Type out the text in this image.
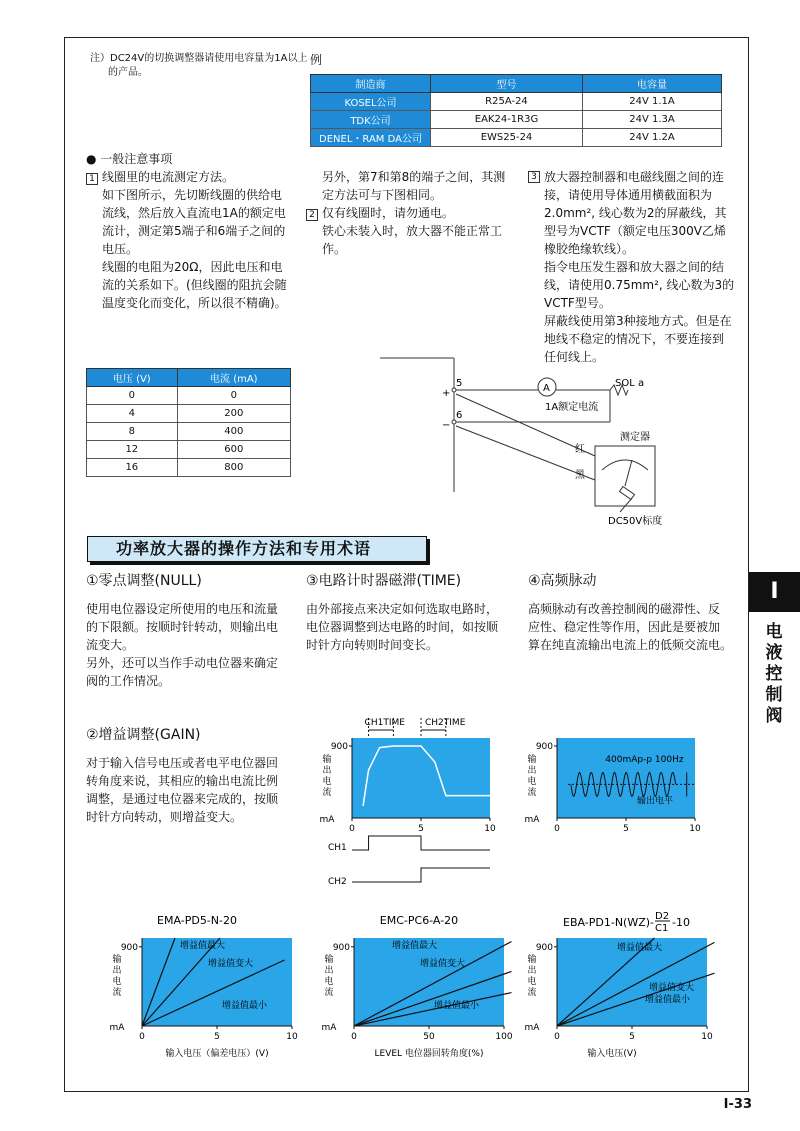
注）DC24V的切换调整器请使用电容量为1A以上
的产品。
例
制造商	型号	电容量
KOSEL公司	R25A-24	24V 1.1A
TDK公司	EAK24-1R3G	24V 1.3A
DENEL・RAM DA公司	EWS25-24	24V 1.2A
● 一般注意事项
1 线圈里的电流测定方法。
如下图所示，先切断线圈的供给电
流线，然后放入直流电1A的额定电
流计，测定第5端子和6端子之间的
电压。
线圈的电阻为20Ω，因此电压和电
流的关系如下。(但线圈的阻抗会随
温度变化而变化，所以很不精确)。
另外，第7和第8的端子之间，其测
定方法可与下图相同。
2 仅有线圈时，请勿通电。
铁心未装入时，放大器不能正常工
作。
3 放大器控制器和电磁线圈之间的连
接，请使用导体通用横截面积为
2.0mm², 线心数为2的屏蔽线，其
型号为VCTF（额定电压300V乙烯
橡胶绝缘软线）。
指令电压发生器和放大器之间的结
线，请使用0.75mm², 线心数为3的
VCTF型号。
屏蔽线使用第3种接地方式。但是在
地线不稳定的情况下，不要连接到
任何线上。
电压 (V)	电流 (mA)
0	0
4	200
8	400
12	600
16	800
+
−
5
6
A	SOL a
1A额定电流
红
黑
测定器
DC50V标度
功率放大器的操作方法和专用术语
①零点调整(NULL)
使用电位器设定所使用的电压和流量
的下限额。按顺时针转动，则输出电
流变大。
另外，还可以当作手动电位器来确定
阀的工作情况。
③电路计时器磁滞(TIME)
由外部接点来决定如何选取电路时，
电位器调整到达电路的时间，如按顺
时针方向转则时间变长。
④高频脉动
高频脉动有改善控制阀的磁滞性、反
应性、稳定性等作用，因此是要被加
算在纯直流输出电流上的低频交流电。
②增益调整(GAIN)
对于输入信号电压或者电平电位器回
转角度来说，其相应的输出电流比例
调整，是通过电位器来完成的，按顺
时针方向转动，则增益变大。
900
0	5	10
输
出
电
流
mA
CH1TIME CH2TIME
CH1
CH2
900
0	5	10
输
出
电
流
mA
400mAp-p 100Hz
输出电平
900
0	5	10
输
出
电
流
mA
EMA-PD5-N-20
增益值最大
增益值变大
增益值最小
输入电压（偏差电压）(V)
900
0	50	100
输
出
电
流
mA
EMC-PC6-A-20
增益值最大
增益值变大
增益值最小
LEVEL 电位器回转角度(%)
900
0	5	10
输
出
电
流
mA
EBA-PD1-N(WZ)- D2
C1 -10
增益值最大
增益值变大
增益值最小
输入电压(V)
I
电
液
控
制
阀
I-33
